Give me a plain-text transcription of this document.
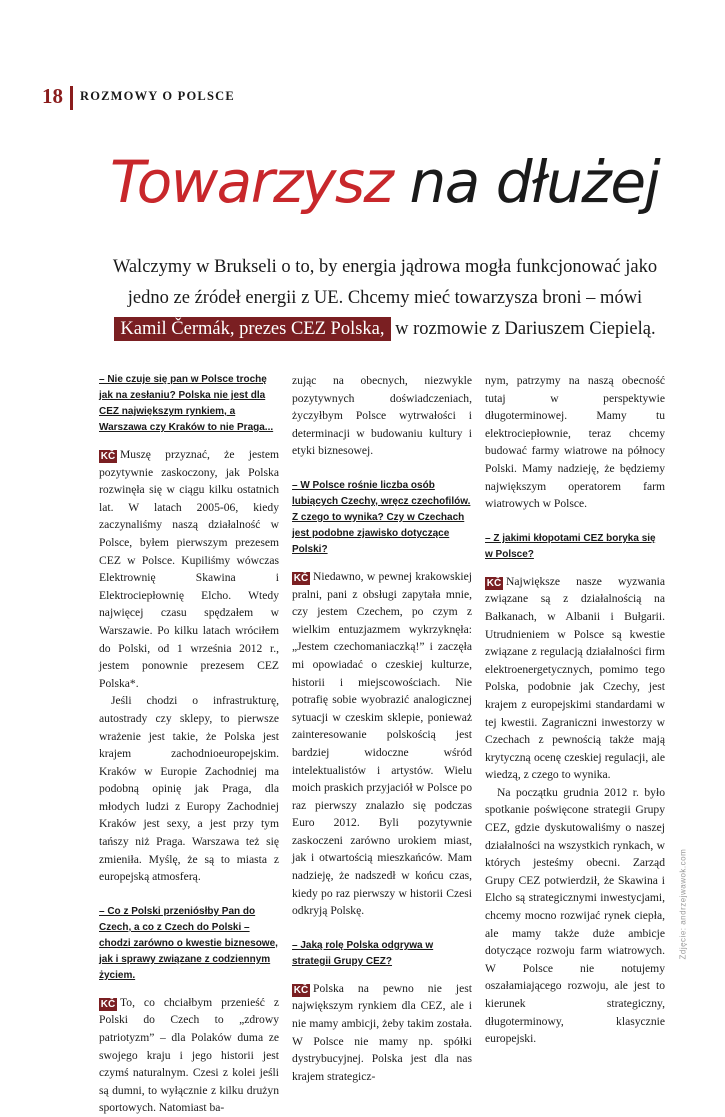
18 ROZMOWY O POLSCE
Towarzysz na dłużej

Walczymy w Brukseli o to, by energia jądrowa mogła funkcjonować jako

jedno ze źródeł energii z UE. Chcemy mieć towarzysza broni – mówi

Kamil Čermák, prezes CEZ Polska, w rozmowie z Dariuszem Ciepielą.

– Nie czuje się pan w Polsce trochę jak na zesłaniu? Polska nie jest dla CEZ największym rynkiem, a Warszawa czy Kraków to nie Praga...

KČ Muszę przyznać, że jestem pozytywnie zaskoczony, jak Polska rozwinęła się w ciągu kilku ostatnich lat. W latach 2005-06, kiedy zaczynaliśmy naszą działalność w Polsce, byłem pierwszym prezesem CEZ w Polsce. Kupiliśmy wówczas Elektrownię Skawina i Elektrociepłownię Elcho. Wtedy najwięcej czasu spędzałem w Warszawie. Po kilku latach wróciłem do Polski, od 1 września 2012 r., jestem ponownie prezesem CEZ Polska*.

Jeśli chodzi o infrastrukturę, autostrady czy sklepy, to pierwsze wrażenie jest takie, że Polska jest krajem zachodnioeuropejskim. Kraków w Europie Zachodniej ma podobną opinię jak Praga, dla młodych ludzi z Europy Zachodniej Kraków jest sexy, a jest przy tym tańszy niż Praga. Warszawa też się zmieniła. Myślę, że są to miasta z europejską atmosferą.

– Co z Polski przeniósłby Pan do Czech, a co z Czech do Polski – chodzi zarówno o kwestie biznesowe, jak i sprawy związane z codziennym życiem.

KČ To, co chciałbym przenieść z Polski do Czech to „zdrowy patriotyzm” – dla Polaków duma ze swojego kraju i jego historii jest czymś naturalnym. Czesi z kolei jeśli są dumni, to wyłącznie z kilku drużyn sportowych. Natomiast ba-

zując na obecnych, niezwykle pozytywnych doświadczeniach, życzyłbym Polsce wytrwałości i determinacji w budowaniu kultury i etyki biznesowej.

– W Polsce rośnie liczba osób lubiących Czechy, wręcz czechofilów. Z czego to wynika? Czy w Czechach jest podobne zjawisko dotyczące Polski?

KČ Niedawno, w pewnej krakowskiej pralni, pani z obsługi zapytała mnie, czy jestem Czechem, po czym z wielkim entuzjazmem wykrzyknęła: „Jestem czechomaniaczką!” i zaczęła mi opowiadać o czeskiej kulturze, historii i miejscowościach. Nie potrafię sobie wyobrazić analogicznej sytuacji w czeskim sklepie, ponieważ zainteresowanie polskością jest bardziej widoczne wśród intelektualistów i artystów. Wielu moich praskich przyjaciół w Polsce po raz pierwszy znalazło się podczas Euro 2012. Byli pozytywnie zaskoczeni zarówno urokiem miast, jak i otwartością mieszkańców. Mam nadzieję, że nadszedł w końcu czas, kiedy po raz pierwszy w historii Czesi odkryją Polskę.

– Jaką rolę Polska odgrywa w strategii Grupy CEZ?

KČ Polska na pewno nie jest największym rynkiem dla CEZ, ale i nie mamy ambicji, żeby takim została. W Polsce nie mamy np. spółki dystrybucyjnej. Polska jest dla nas krajem strategicz-

nym, patrzymy na naszą obecność tutaj w perspektywie długoterminowej. Mamy tu elektrociepłownie, teraz chcemy budować farmy wiatrowe na północy Polski. Mamy nadzieję, że będziemy największym operatorem farm wiatrowych w Polsce.

– Z jakimi kłopotami CEZ boryka się w Polsce?

KČ Największe nasze wyzwania związane są z działalnością na Bałkanach, w Albanii i Bułgarii. Utrudnieniem w Polsce są kwestie związane z regulacją działalności firm elektroenergetycznych, pomimo tego Polska, podobnie jak Czechy, jest krajem z europejskimi standardami w tej kwestii. Zagraniczni inwestorzy w Czechach z pewnością także mają krytyczną ocenę czeskiej regulacji, ale wiedzą, z czego to wynika.

Na początku grudnia 2012 r. było spotkanie poświęcone strategii Grupy CEZ, gdzie dyskutowaliśmy o naszej działalności na wszystkich rynkach, w których jesteśmy obecni. Zarząd Grupy CEZ potwierdził, że Skawina i Elcho są strategicznymi inwestycjami, chcemy mocno rozwijać rynek ciepła, ale mamy także duże ambicje dotyczące rozwoju farm wiatrowych. W Polsce nie notujemy oszałamiającego rozwoju, ale jest to kierunek strategiczny, długoterminowy, klasycznie europejski.

Zdjęcie: andrzejwawok.com
